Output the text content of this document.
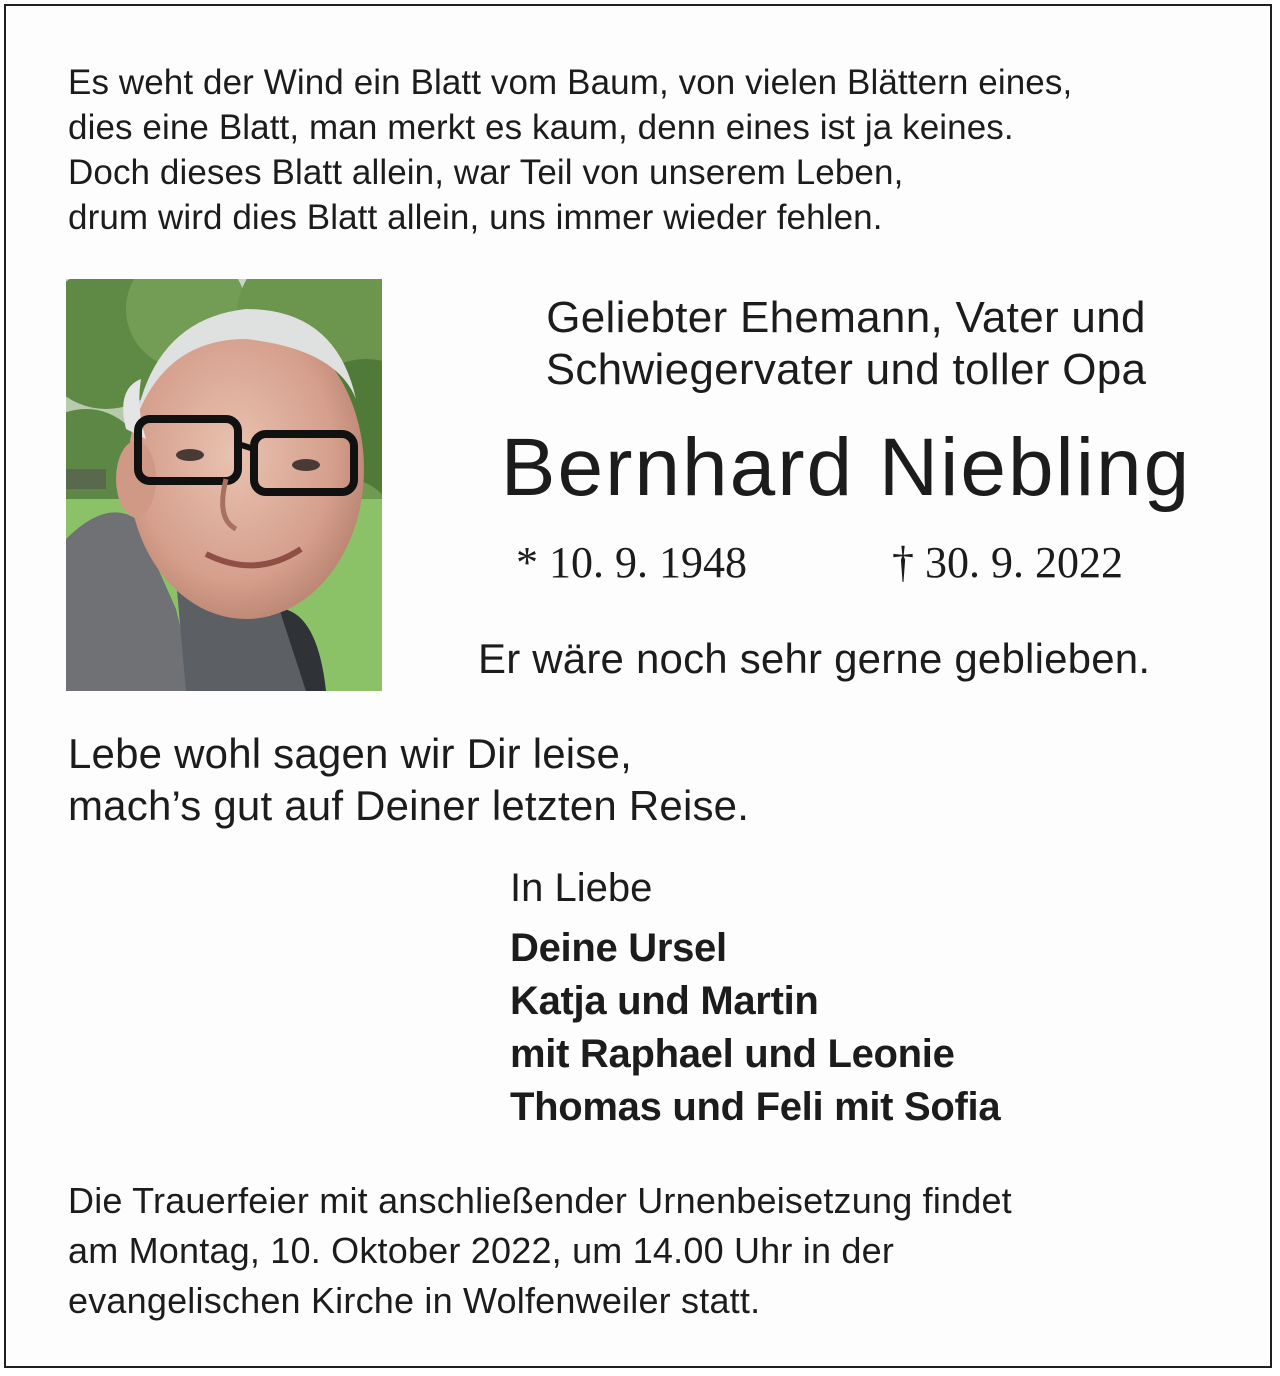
Es weht der Wind ein Blatt vom Baum, von vielen Blättern eines,
dies eine Blatt, man merkt es kaum, denn eines ist ja keines.
Doch dieses Blatt allein, war Teil von unserem Leben,
drum wird dies Blatt allein, uns immer wieder fehlen.
Geliebter Ehemann, Vater und
Schwiegervater und toller Opa
Bernhard Niebling
* 10. 9. 1948	† 30. 9. 2022
Er wäre noch sehr gerne geblieben.
Lebe wohl sagen wir Dir leise,
mach’s gut auf Deiner letzten Reise.
In Liebe
Deine Ursel
Katja und Martin
mit Raphael und Leonie
Thomas und Feli mit Sofia
Die Trauerfeier mit anschließender Urnenbeisetzung findet
am Montag, 10. Oktober 2022, um 14.00 Uhr in der
evangelischen Kirche in Wolfenweiler statt.
